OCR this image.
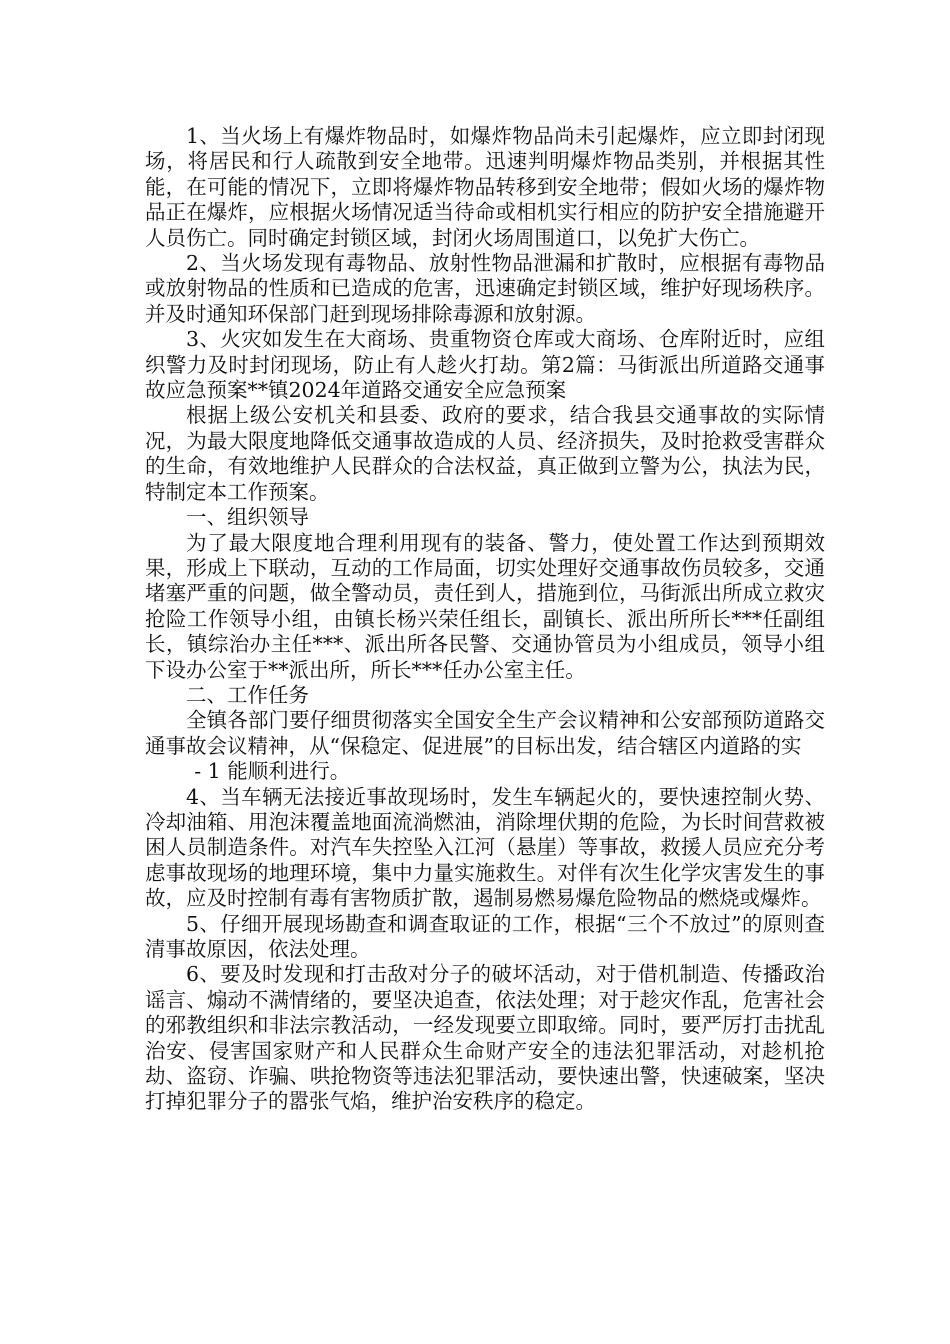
1、当火场上有爆炸物品时，如爆炸物品尚未引起爆炸，应立即封闭现场，将居民和行人疏散到安全地带。迅速判明爆炸物品类别，并根据其性能，在可能的情况下，立即将爆炸物品转移到安全地带；假如火场的爆炸物品正在爆炸，应根据火场情况适当待命或相机实行相应的防护安全措施避开人员伤亡。同时确定封锁区域，封闭火场周围道口，以免扩大伤亡。

2、当火场发现有毒物品、放射性物品泄漏和扩散时，应根据有毒物品或放射物品的性质和已造成的危害，迅速确定封锁区域，维护好现场秩序。并及时通知环保部门赶到现场排除毒源和放射源。

3、火灾如发生在大商场、贵重物资仓库或大商场、仓库附近时，应组织警力及时封闭现场，防止有人趁火打劫。第2篇：马街派出所道路交通事故应急预案**镇2024年道路交通安全应急预案

根据上级公安机关和县委、政府的要求，结合我县交通事故的实际情况，为最大限度地降低交通事故造成的人员、经济损失，及时抢救受害群众的生命，有效地维护人民群众的合法权益，真正做到立警为公，执法为民，特制定本工作预案。

一、组织领导

为了最大限度地合理利用现有的装备、警力，使处置工作达到预期效果，形成上下联动，互动的工作局面，切实处理好交通事故伤员较多，交通堵塞严重的问题，做全警动员，责任到人，措施到位，马街派出所成立救灾抢险工作领导小组，由镇长杨兴荣任组长，副镇长、派出所所长***任副组长，镇综治办主任***、派出所各民警、交通协管员为小组成员，领导小组下设办公室于**派出所，所长***任办公室主任。

二、工作任务

全镇各部门要仔细贯彻落实全国安全生产会议精神和公安部预防道路交通事故会议精神，从“保稳定、促进展”的目标出发，结合辖区内道路的实

- 1 能顺利进行。

4、当车辆无法接近事故现场时，发生车辆起火的，要快速控制火势、冷却油箱、用泡沫覆盖地面流淌燃油，消除埋伏期的危险，为长时间营救被困人员制造条件。对汽车失控坠入江河（悬崖）等事故，救援人员应充分考虑事故现场的地理环境，集中力量实施救生。对伴有次生化学灾害发生的事故，应及时控制有毒有害物质扩散，遏制易燃易爆危险物品的燃烧或爆炸。

5、仔细开展现场勘查和调查取证的工作，根据“三个不放过”的原则查清事故原因，依法处理。

6、要及时发现和打击敌对分子的破坏活动，对于借机制造、传播政治谣言、煽动不满情绪的，要坚决追查，依法处理；对于趁灾作乱，危害社会的邪教组织和非法宗教活动，一经发现要立即取缔。同时，要严厉打击扰乱治安、侵害国家财产和人民群众生命财产安全的违法犯罪活动，对趁机抢劫、盗窃、诈骗、哄抢物资等违法犯罪活动，要快速出警，快速破案，坚决打掉犯罪分子的嚣张气焰，维护治安秩序的稳定。
